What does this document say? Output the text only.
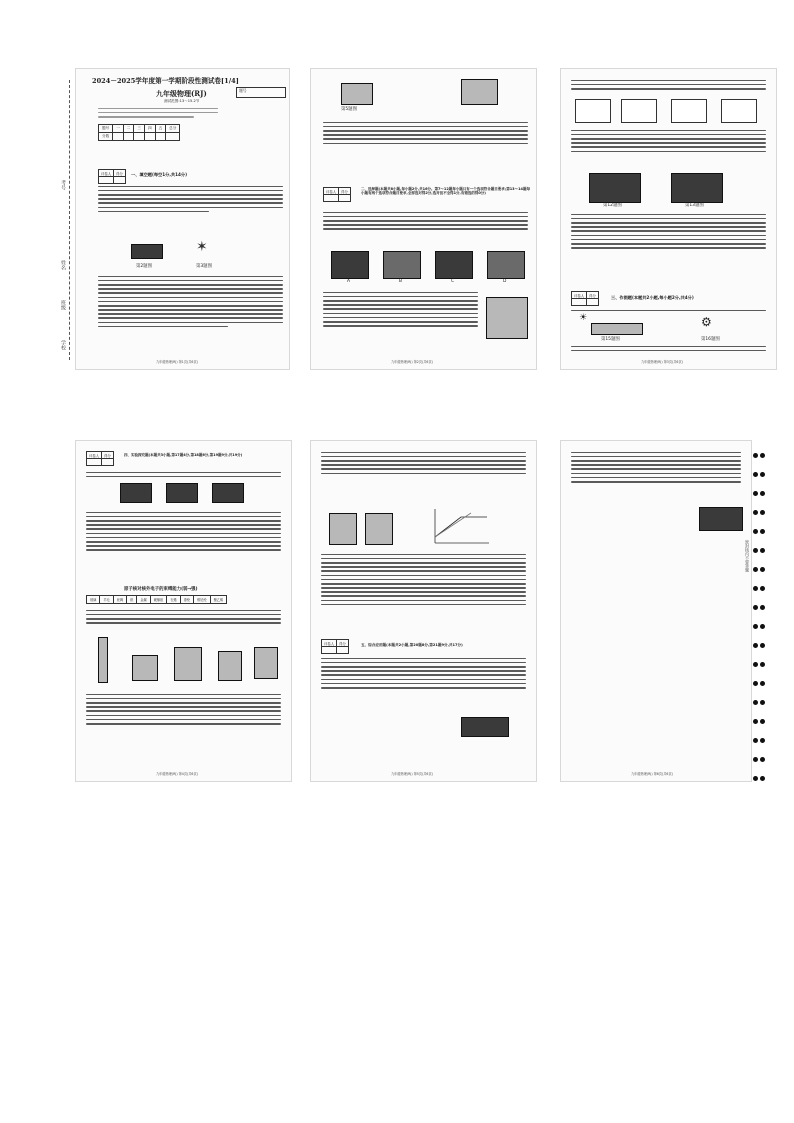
2024－2025学年度第一学期阶段性测试卷[1/4]
题号
九年级物理(RJ)
测试范围:13～15.2节
题号	一	二	三	四	五	总分
分数						
评卷人	得分
	一、填空题(每空1分,共14分)
第2题图
✶
第3题图
九年级物理(RJ) 第1页(共6页)
学校
班级
姓名
考号
第5题图
评卷人	得分

二、选择题(本题共8小题,每小题2分,共16分。第7～12题每小题只有一个选项符合题目要求;第13～14题每小题有两个选项符合题目要求,全部选对得2分,选对但不全得1分,有错选的得0分)
A	B	C	D
九年级物理(RJ) 第2页(共6页)
第12题图	第13题图
评卷人	得分
		三、作图题(本题共2小题,每小题2分,共4分)
☀
第15题图
⚙
第16题图
九年级物理(RJ) 第3页(共6页)
评卷人	得分
		四、实验探究题(本题共3小题,第17题4分,第18题6分,第19题9分,共19分)
原子核对核外电子的束缚能力(弱→强)
玻璃	羊毛	丝绸	纸	金属	硬橡胶	石蜡	涤纶	维尼纶	聚乙烯
九年级物理(RJ) 第4页(共6页)
评卷人	得分
		五、综合应用题(本题共2小题,第20题8分,第21题9分,共17分)
九年级物理(RJ) 第5页(共6页)	九年级物理(RJ) 第6页(共6页)

密封线内不要答题
